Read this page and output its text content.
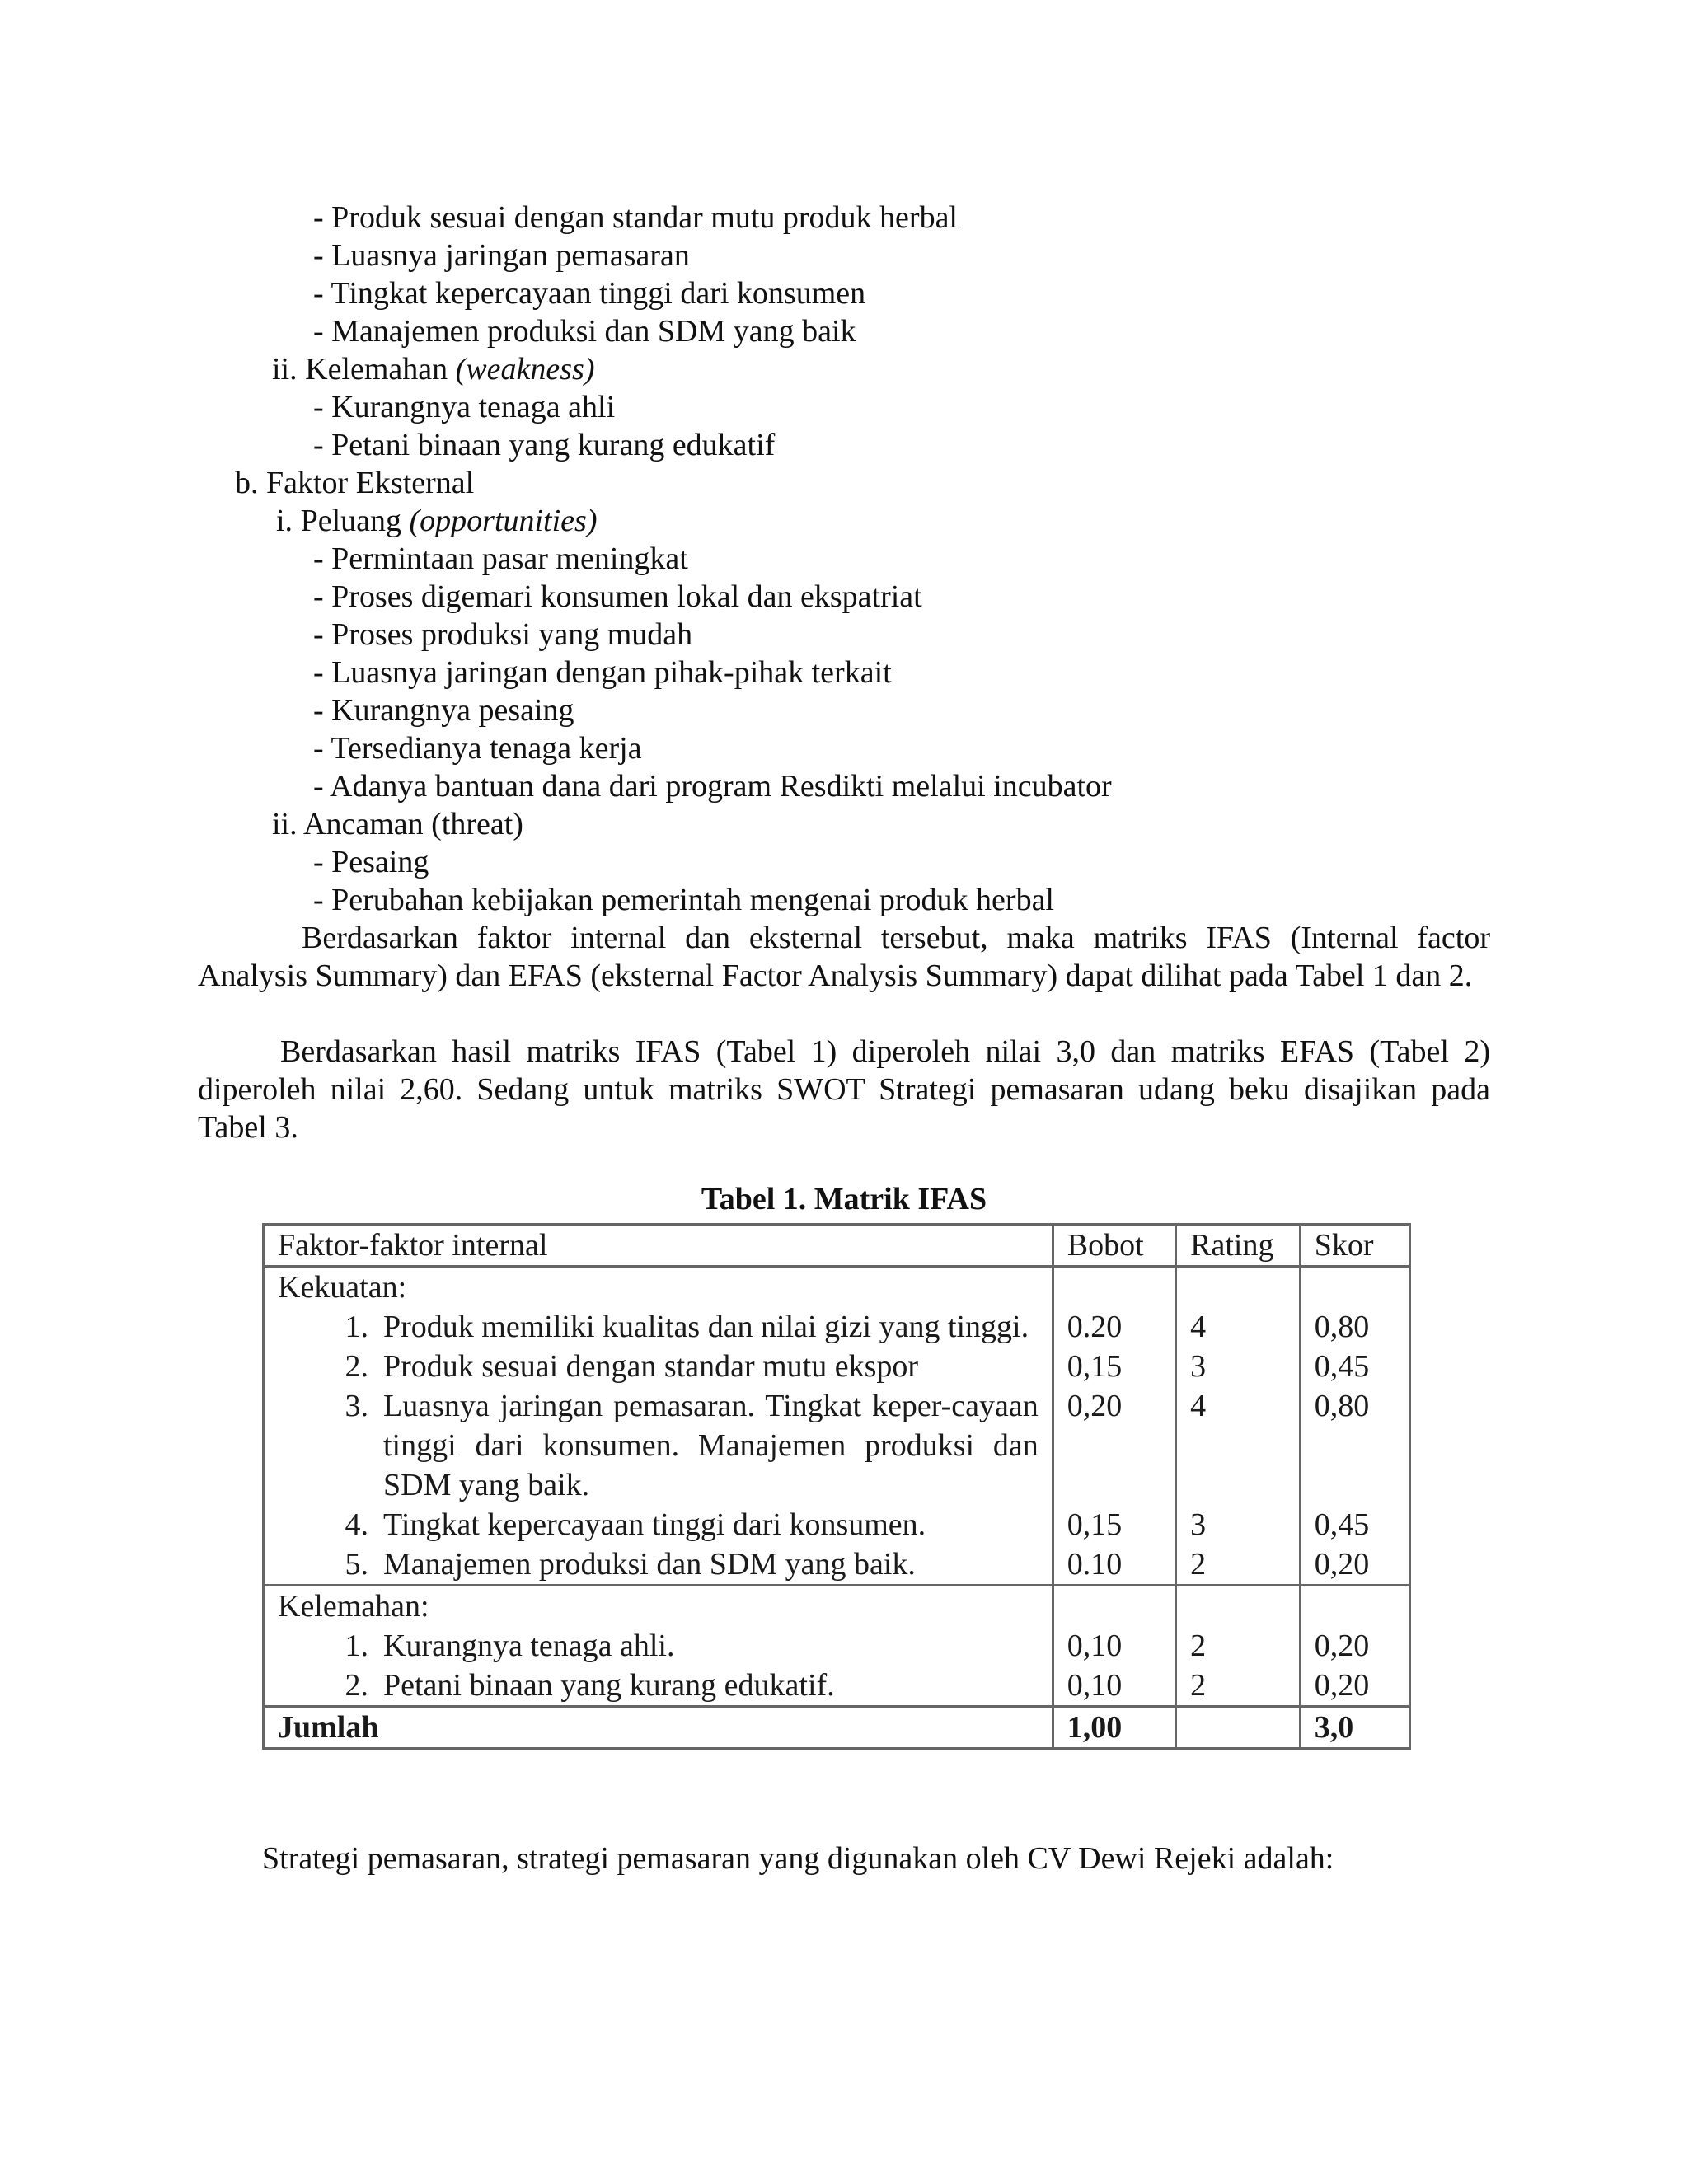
- Produk sesuai dengan standar mutu produk herbal
- Luasnya jaringan pemasaran
- Tingkat kepercayaan tinggi dari konsumen
- Manajemen produksi dan SDM yang baik
ii. Kelemahan (weakness)
- Kurangnya tenaga ahli
- Petani binaan yang kurang edukatif
b. Faktor Eksternal
i. Peluang (opportunities)
- Permintaan pasar meningkat
- Proses digemari konsumen lokal dan ekspatriat
- Proses produksi yang mudah
- Luasnya jaringan dengan pihak-pihak terkait
- Kurangnya pesaing
- Tersedianya tenaga kerja
- Adanya bantuan dana dari program Resdikti melalui incubator
ii. Ancaman (threat)
- Pesaing
- Perubahan kebijakan pemerintah mengenai produk herbal

Berdasarkan faktor internal dan eksternal tersebut, maka matriks IFAS (Internal factor Analysis Summary) dan EFAS (eksternal Factor Analysis Summary) dapat dilihat pada Tabel 1 dan 2.

Berdasarkan hasil matriks IFAS (Tabel 1) diperoleh nilai 3,0 dan matriks EFAS (Tabel 2) diperoleh nilai 2,60. Sedang untuk matriks SWOT Strategi pemasaran udang beku disajikan pada Tabel 3.

Tabel 1. Matrik IFAS
Faktor-faktor internal	Bobot	Rating	Skor
Kekuatan:			

1. Produk memiliki kualitas dan nilai gizi yang tinggi.	0.20	4	0,80

2. Produk sesuai dengan standar mutu ekspor	0,15	3	0,45

3. Luasnya jaringan pemasaran. Tingkat keper-cayaan tinggi dari konsumen. Manajemen produksi dan SDM yang baik.	0,20	4	0,80

4. Tingkat kepercayaan tinggi dari konsumen.	0,15	3	0,45

5. Manajemen produksi dan SDM yang baik.	0.10	2	0,20
Kelemahan:			

1. Kurangnya tenaga ahli.	0,10	2	0,20

2. Petani binaan yang kurang edukatif.	0,10	2	0,20
Jumlah	1,00		3,0
Strategi pemasaran, strategi pemasaran yang digunakan oleh CV Dewi Rejeki adalah:
